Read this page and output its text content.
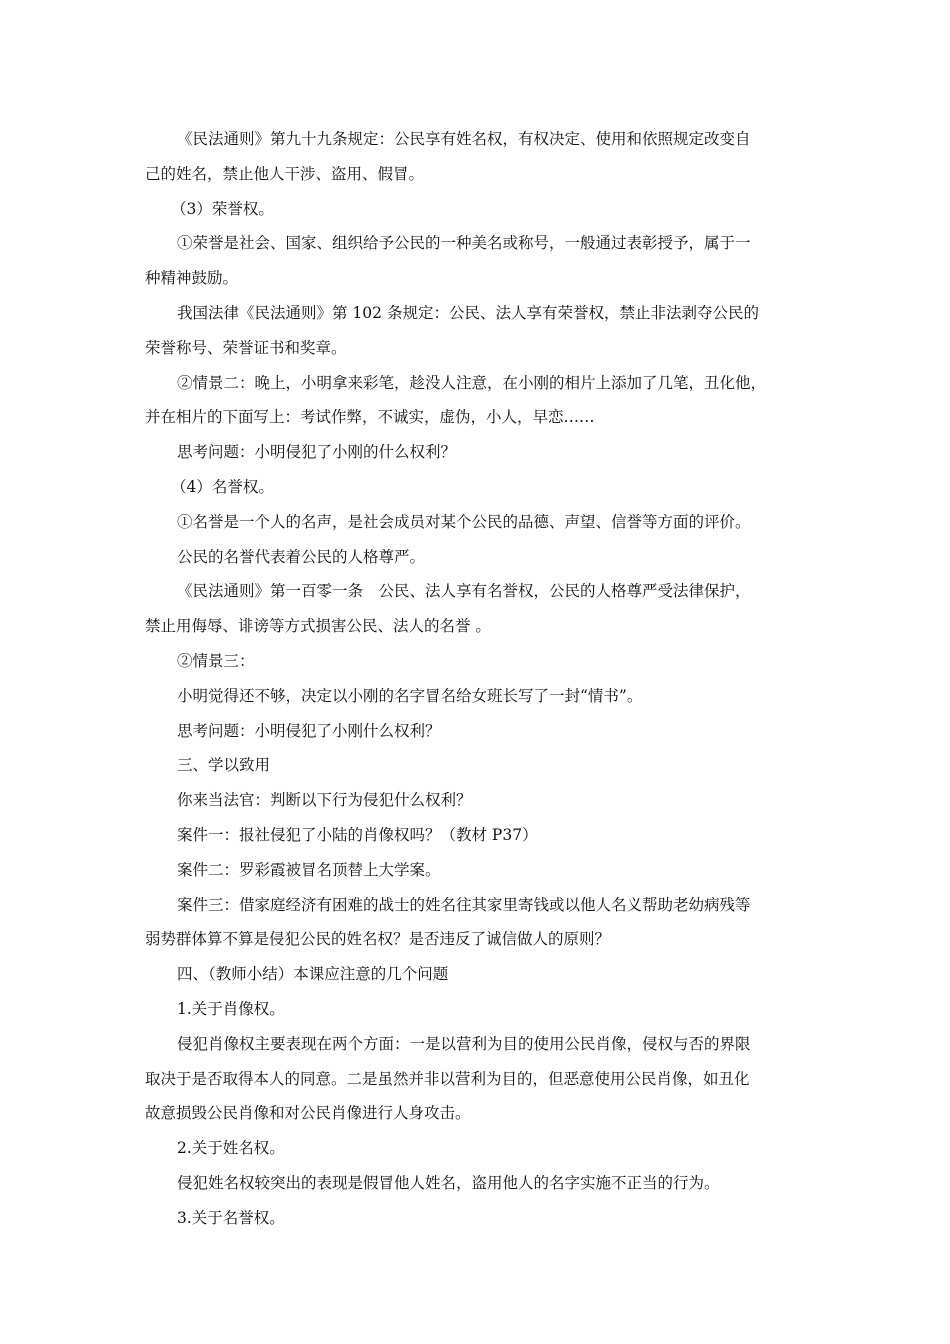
《民法通则》第九十九条规定：公民享有姓名权，有权决定、使用和依照规定改变自
己的姓名，禁止他人干涉、盗用、假冒。
（3）荣誉权。
①荣誉是社会、国家、组织给予公民的一种美名或称号，一般通过表彰授予，属于一
种精神鼓励。
我国法律《民法通则》第 102 条规定：公民、法人享有荣誉权，禁止非法剥夺公民的
荣誉称号、荣誉证书和奖章。
②情景二：晚上，小明拿来彩笔，趁没人注意，在小刚的相片上添加了几笔，丑化他，
并在相片的下面写上：考试作弊，不诚实，虚伪，小人，早恋……
思考问题：小明侵犯了小刚的什么权利？
（4）名誉权。
①名誉是一个人的名声，是社会成员对某个公民的品德、声望、信誉等方面的评价。
公民的名誉代表着公民的人格尊严。
《民法通则》第一百零一条　公民、法人享有名誉权，公民的人格尊严受法律保护，
禁止用侮辱、诽谤等方式损害公民、法人的名誉 。
②情景三：
小明觉得还不够，决定以小刚的名字冒名给女班长写了一封“情书”。
思考问题：小明侵犯了小刚什么权利？
三、学以致用
你来当法官：判断以下行为侵犯什么权利？
案件一：报社侵犯了小陆的肖像权吗？（教材 P37）
案件二：罗彩霞被冒名顶替上大学案。
案件三：借家庭经济有困难的战士的姓名往其家里寄钱或以他人名义帮助老幼病残等
弱势群体算不算是侵犯公民的姓名权？是否违反了诚信做人的原则？
四、（教师小结）本课应注意的几个问题
1.关于肖像权。
侵犯肖像权主要表现在两个方面：一是以营利为目的使用公民肖像，侵权与否的界限
取决于是否取得本人的同意。二是虽然并非以营利为目的，但恶意使用公民肖像，如丑化
故意损毁公民肖像和对公民肖像进行人身攻击。
2.关于姓名权。
侵犯姓名权较突出的表现是假冒他人姓名，盗用他人的名字实施不正当的行为。
3.关于名誉权。
